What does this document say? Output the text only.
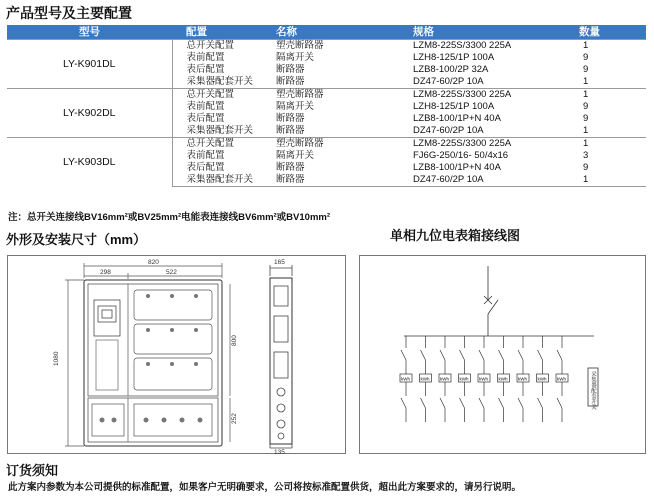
产品型号及主要配置
型号	配置	名称	规格	数量
LY-K901DL	总开关配置	塑壳断路器	LZM8-225S/3300 225A	1
	表前配置	隔离开关	LZH8-125/1P 100A	9
	表后配置	断路器	LZB8-100/2P 32A	9
	采集器配套开关	断路器	DZ47-60/2P 10A	1
LY-K902DL	总开关配置	塑壳断路器	LZM8-225S/3300 225A	1
	表前配置	隔离开关	LZH8-125/1P 100A	9
	表后配置	断路器	LZB8-100/1P+N 40A	9
	采集器配套开关	断路器	DZ47-60/2P 10A	1
LY-K903DL	总开关配置	塑壳断路器	LZM8-225S/3300 225A	1
	表前配置	隔离开关	FJ6G-250/16- 50/4x16	3
	表后配置	断路器	LZB8-100/1P+N 40A	9
	采集器配套开关	断路器	DZ47-60/2P 10A	1
注：总开关连接线BV16mm²或BV25mm²电能表连接线BV6mm²或BV10mm²
外形及安装尺寸（mm）	单相九位电表箱接线图
820
298	522
1080
800
252
165
135
kWh kWh kWh kWh kWh kWh kWh kWh kWh	采集器配套开关
订货须知
此方案内参数为本公司提供的标准配置，如果客户无明确要求，公司将按标准配置供货，超出此方案要求的，请另行说明。
